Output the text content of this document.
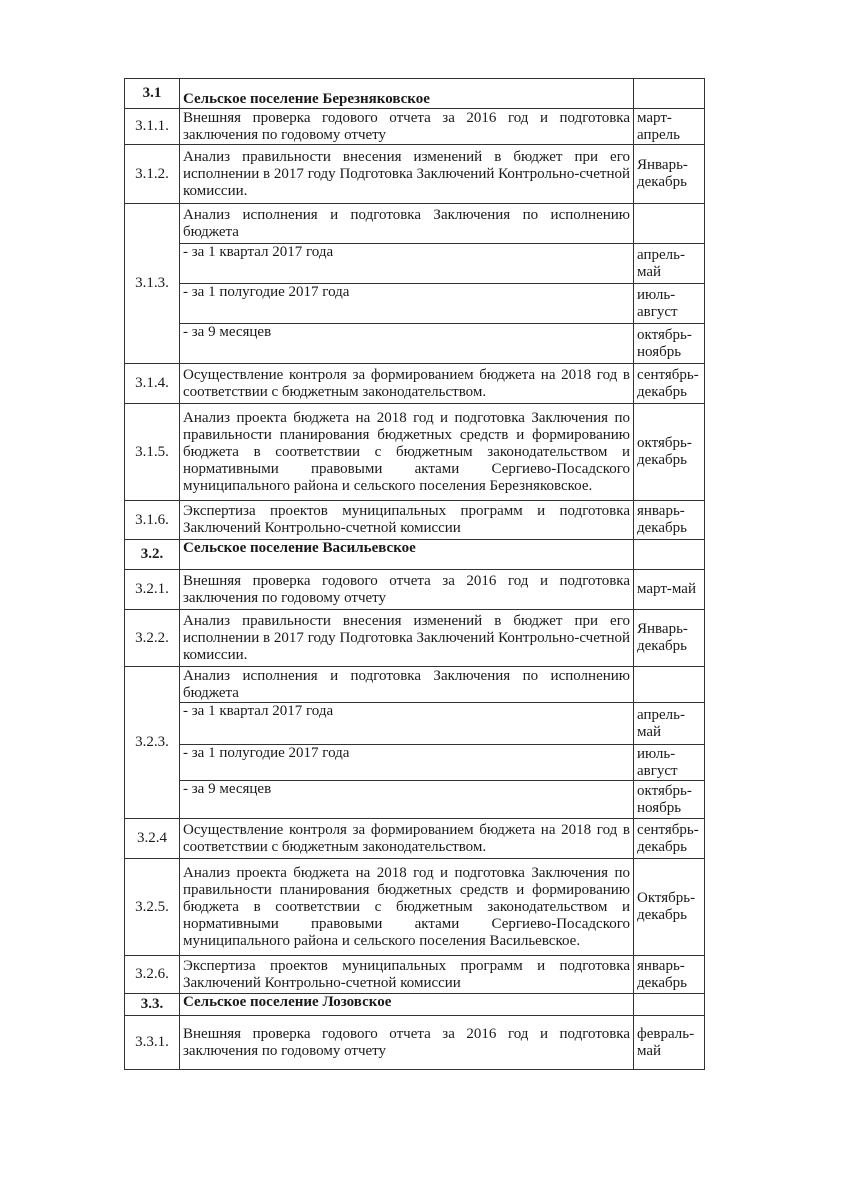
3.1	Сельское поселение Березняковское	
3.1.1.	Внешняя проверка годового отчета за 2016 год и подготовка заключения по годовому отчету	март-апрель
3.1.2.	Анализ правильности внесения изменений в бюджет при его исполнении в 2017 году Подготовка Заключений Контрольно-счетной комиссии.	Январь-декабрь
3.1.3.	Анализ исполнения и подготовка Заключения по исполнению бюджета	
	- за 1 квартал 2017 года	апрель-май
	- за 1 полугодие 2017 года	июль-август
	- за 9 месяцев	октябрь-ноябрь
3.1.4.	Осуществление контроля за формированием бюджета на 2018 год в соответствии с бюджетным законодательством.	сентябрь-декабрь
3.1.5.	Анализ проекта бюджета на 2018 год и подготовка Заключения по правильности планирования бюджетных средств и формированию бюджета в соответствии с бюджетным законодательством и нормативными правовыми актами Сергиево-Посадского муниципального района и сельского поселения Березняковское.	октябрь-декабрь
3.1.6.	Экспертиза проектов муниципальных программ и подготовка Заключений Контрольно-счетной комиссии	январь-декабрь
3.2.	Сельское поселение Васильевское	
3.2.1.	Внешняя проверка годового отчета за 2016 год и подготовка заключения по годовому отчету	март-май
3.2.2.	Анализ правильности внесения изменений в бюджет при его исполнении в 2017 году Подготовка Заключений Контрольно-счетной комиссии.	Январь-декабрь
3.2.3.	Анализ исполнения и подготовка Заключения по исполнению бюджета	
	- за 1 квартал 2017 года	апрель-май
	- за 1 полугодие 2017 года	июль-август
	- за 9 месяцев	октябрь-ноябрь
3.2.4	Осуществление контроля за формированием бюджета на 2018 год в соответствии с бюджетным законодательством.	сентябрь-декабрь
3.2.5.	Анализ проекта бюджета на 2018 год и подготовка Заключения по правильности планирования бюджетных средств и формированию бюджета в соответствии с бюджетным законодательством и нормативными правовыми актами Сергиево-Посадского муниципального района и сельского поселения Васильевское.	Октябрь-декабрь
3.2.6.	Экспертиза проектов муниципальных программ и подготовка Заключений Контрольно-счетной комиссии	январь-декабрь
3.3.	Сельское поселение Лозовское	
3.3.1.	Внешняя проверка годового отчета за 2016 год и подготовка заключения по годовому отчету	февраль-май
